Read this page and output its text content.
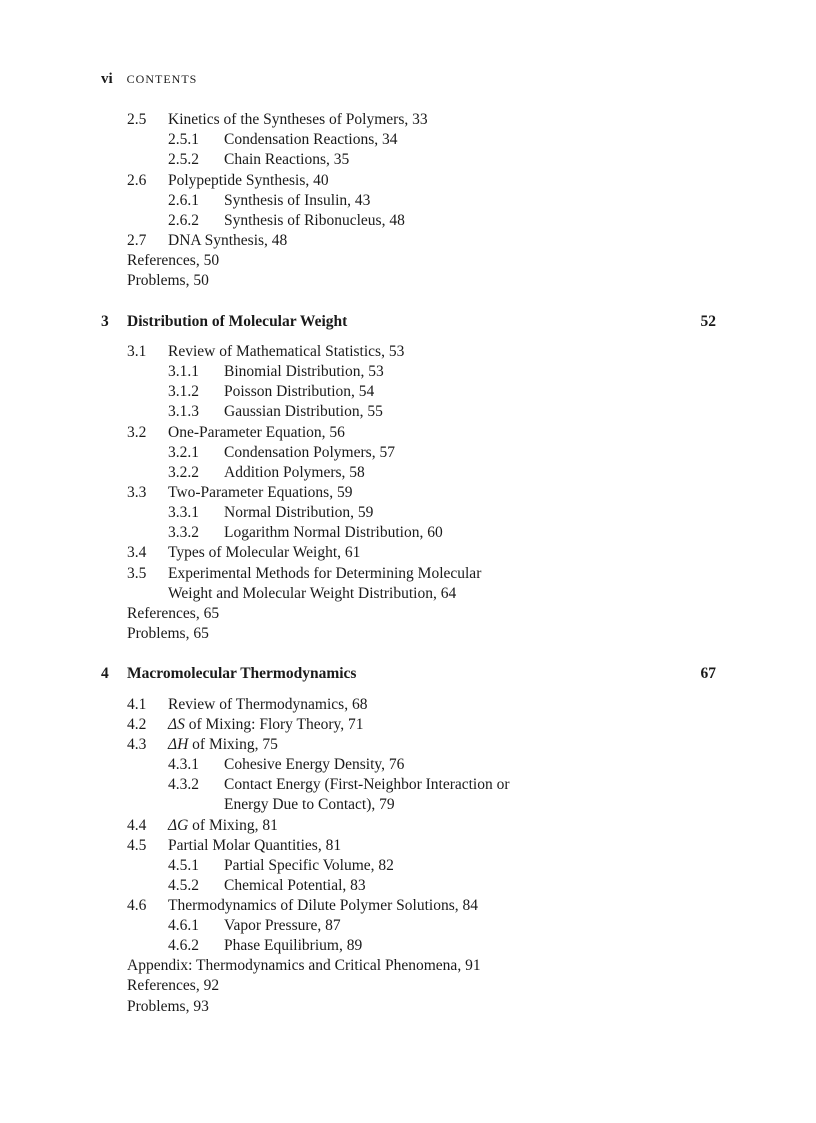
vi CONTENTS
2.5 Kinetics of the Syntheses of Polymers , 33
2.5.1 Condensation Reactions , 34
2.5.2 Chain Reactions , 35
2.6 Polypeptide Synthesis , 40
2.6.1 Synthesis of Insulin , 43
2.6.2 Synthesis of Ribonucleus , 48
2.7 DNA Synthesis , 48
References , 50
Problems , 50
3 Distribution of Molecular Weight	52
3.1 Review of Mathematical Statistics , 53
3.1.1 Binomial Distribution , 53
3.1.2 Poisson Distribution , 54
3.1.3 Gaussian Distribution , 55
3.2 One-Parameter Equation , 56
3.2.1 Condensation Polymers , 57
3.2.2 Addition Polymers , 58
3.3 Two-Parameter Equations , 59
3.3.1 Normal Distribution , 59
3.3.2 Logarithm Normal Distribution , 60
3.4 Types of Molecular Weight , 61
3.5 Experimental Methods for Determining Molecular
Weight and Molecular Weight Distribution , 64
References , 65
Problems , 65
4 Macromolecular Thermodynamics	67
4.1 Review of Thermodynamics , 68
4.2 ΔS of Mixing: Flory Theory , 71
4.3 ΔH of Mixing , 75
4.3.1 Cohesive Energy Density , 76
4.3.2 Contact Energy (First-Neighbor Interaction or
Energy Due to Contact) , 79
4.4 ΔG of Mixing , 81
4.5 Partial Molar Quantities , 81
4.5.1 Partial Specific Volume , 82
4.5.2 Chemical Potential , 83
4.6 Thermodynamics of Dilute Polymer Solutions , 84
4.6.1 Vapor Pressure , 87
4.6.2 Phase Equilibrium , 89
Appendix: Thermodynamics and Critical Phenomena , 91
References , 92
Problems , 93
